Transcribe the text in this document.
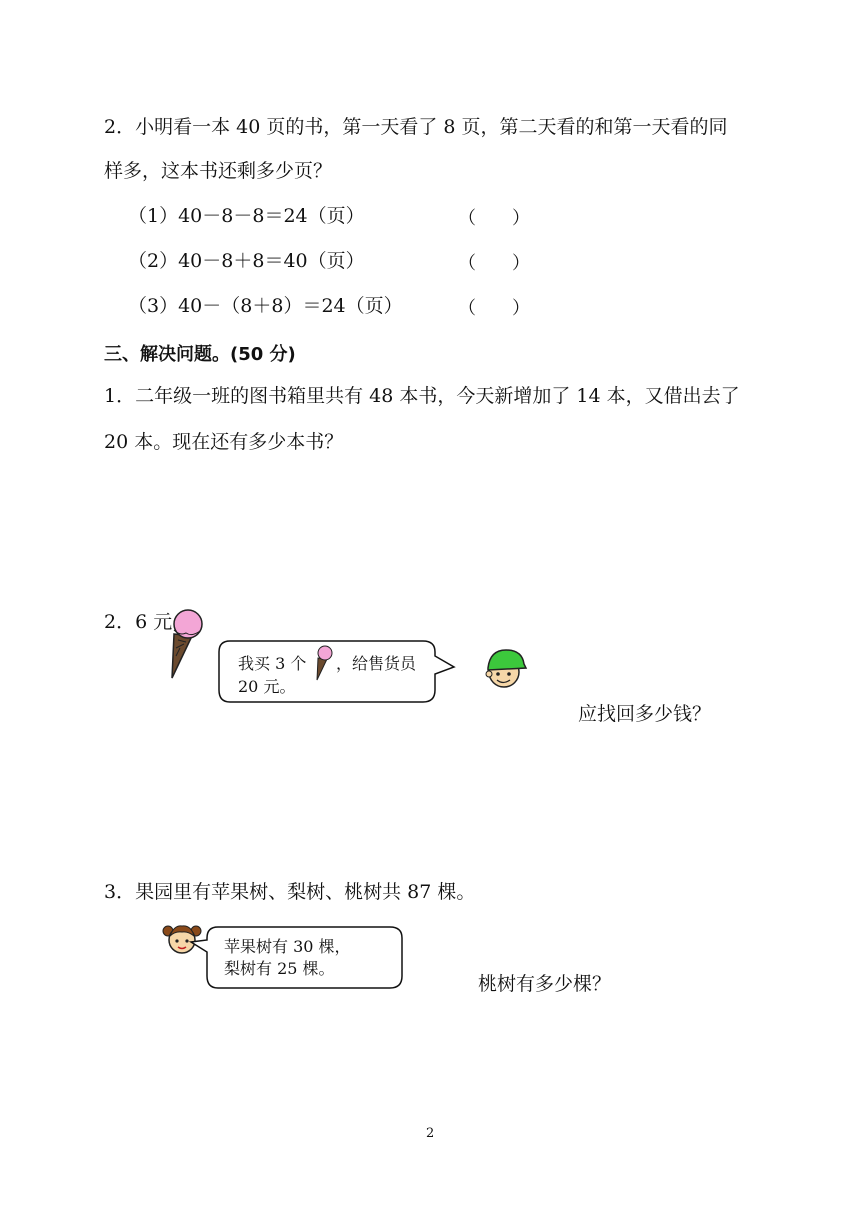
2．小明看一本 40 页的书，第一天看了 8 页，第二天看的和第一天看的同
样多，这本书还剩多少页？
（1）40－8－8＝24（页）	（　　）
（2）40－8＋8＝40（页）	（　　）
（3）40－（8＋8）＝24（页）	（　　）
三、解决问题。(50 分)
1．二年级一班的图书箱里共有 48 本书，今天新增加了 14 本，又借出去了
20 本。现在还有多少本书？
2．6 元
我买 3 个 ，给售货员
20 元。
应找回多少钱？
3．果园里有苹果树、梨树、桃树共 87 棵。
苹果树有 30 棵，
梨树有 25 棵。
桃树有多少棵？
2
